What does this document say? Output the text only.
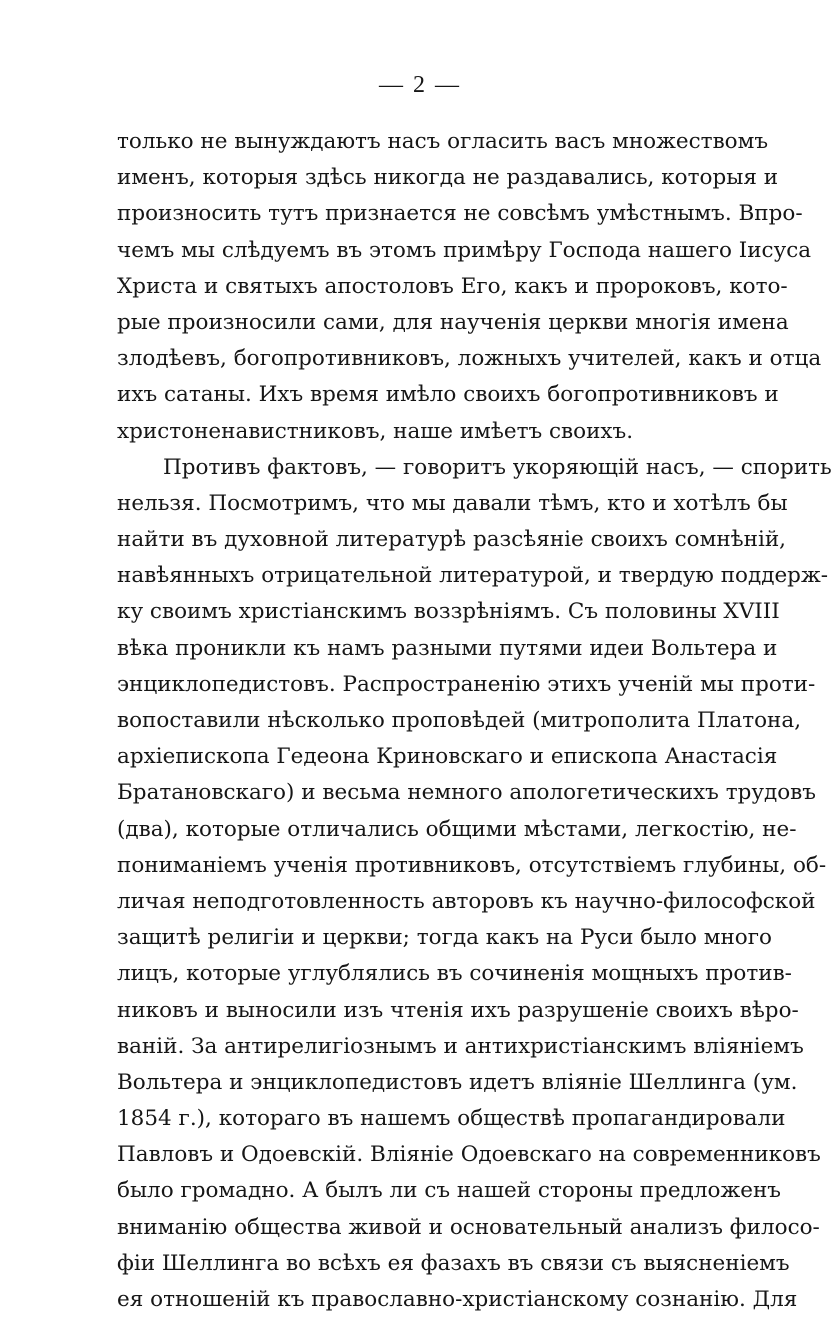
— 2 —
только не вынуждаютъ насъ огласить васъ множествомъ
именъ, которыя здѣсь никогда не раздавались, которыя и
произносить тутъ признается не совсѣмъ умѣстнымъ. Впро-
чемъ мы слѣдуемъ въ этомъ примѣру Господа нашего Іисуса
Христа и святыхъ апостоловъ Его, какъ и пророковъ, кото-
рые произносили сами, для наученія церкви многія имена
злодѣевъ, богопротивниковъ, ложныхъ учителей, какъ и отца
ихъ сатаны. Ихъ время имѣло своихъ богопротивниковъ и
христоненавистниковъ, наше имѣетъ своихъ.
Противъ фактовъ, — говоритъ укоряющій насъ, — спорить
нельзя. Посмотримъ, что мы давали тѣмъ, кто и хотѣлъ бы
найти въ духовной литературѣ разсѣяніе своихъ сомнѣній,
навѣянныхъ отрицательной литературой, и твердую поддерж-
ку своимъ христіанскимъ воззрѣніямъ. Съ половины XVIII
вѣка проникли къ намъ разными путями идеи Вольтера и
энциклопедистовъ. Распространенію этихъ ученій мы проти-
вопоставили нѣсколько проповѣдей (митрополита Платона,
архіепископа Гедеона Криновскаго и епископа Анастасія
Братановскаго) и весьма немного апологетическихъ трудовъ
(два), которые отличались общими мѣстами, легкостію, не-
пониманіемъ ученія противниковъ, отсутствіемъ глубины, об-
личая неподготовленность авторовъ къ научно-философской
защитѣ религіи и церкви; тогда какъ на Руси было много
лицъ, которые углублялись въ сочиненія мощныхъ против-
никовъ и выносили изъ чтенія ихъ разрушеніе своихъ вѣро-
ваній. За антирелигіознымъ и антихристіанскимъ вліяніемъ
Вольтера и энциклопедистовъ идетъ вліяніе Шеллинга (ум.
1854 г.), котораго въ нашемъ обществѣ пропагандировали
Павловъ и Одоевскій. Вліяніе Одоевскаго на современниковъ
было громадно. А былъ ли съ нашей стороны предложенъ
вниманію общества живой и основательный анализъ филосо-
фіи Шеллинга во всѣхъ ея фазахъ въ связи съ выясненіемъ
ея отношеній къ православно-христіанскому сознанію. Для
